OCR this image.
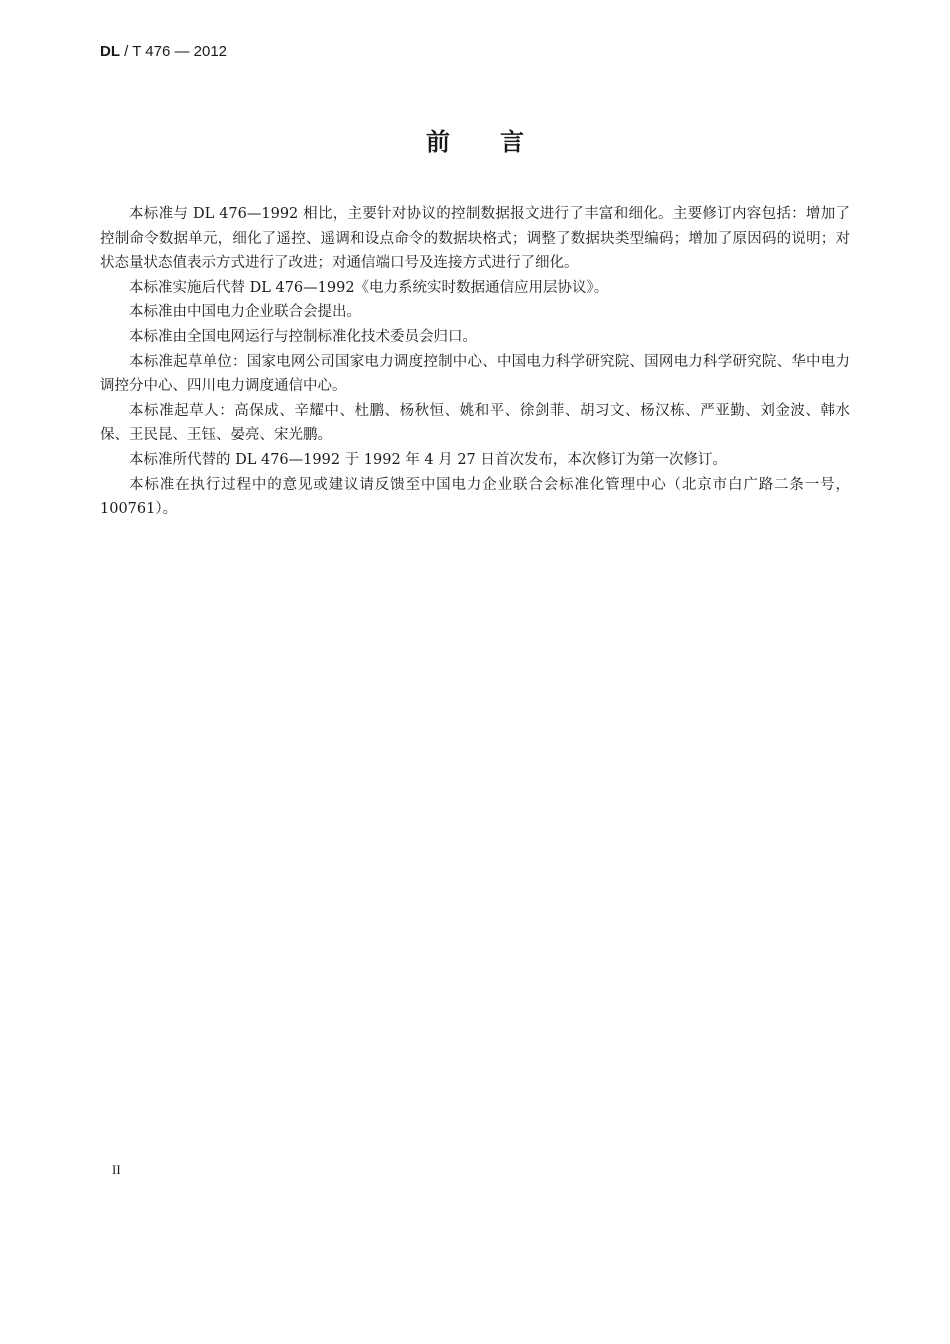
DL / T 476 — 2012
前言

本标准与 DL 476—1992 相比，主要针对协议的控制数据报文进行了丰富和细化。主要修订内容包括：增加了控制命令数据单元，细化了遥控、遥调和设点命令的数据块格式；调整了数据块类型编码；增加了原因码的说明；对状态量状态值表示方式进行了改进；对通信端口号及连接方式进行了细化。

本标准实施后代替 DL 476—1992《电力系统实时数据通信应用层协议》。

本标准由中国电力企业联合会提出。

本标准由全国电网运行与控制标准化技术委员会归口。

本标准起草单位：国家电网公司国家电力调度控制中心、中国电力科学研究院、国网电力科学研究院、华中电力调控分中心、四川电力调度通信中心。

本标准起草人：高保成、辛耀中、杜鹏、杨秋恒、姚和平、徐剑菲、胡习文、杨汉栋、严亚勤、刘金波、韩水保、王民昆、王钰、晏亮、宋光鹏。

本标准所代替的 DL 476—1992 于 1992 年 4 月 27 日首次发布，本次修订为第一次修订。

本标准在执行过程中的意见或建议请反馈至中国电力企业联合会标准化管理中心（北京市白广路二条一号，100761）。

II
